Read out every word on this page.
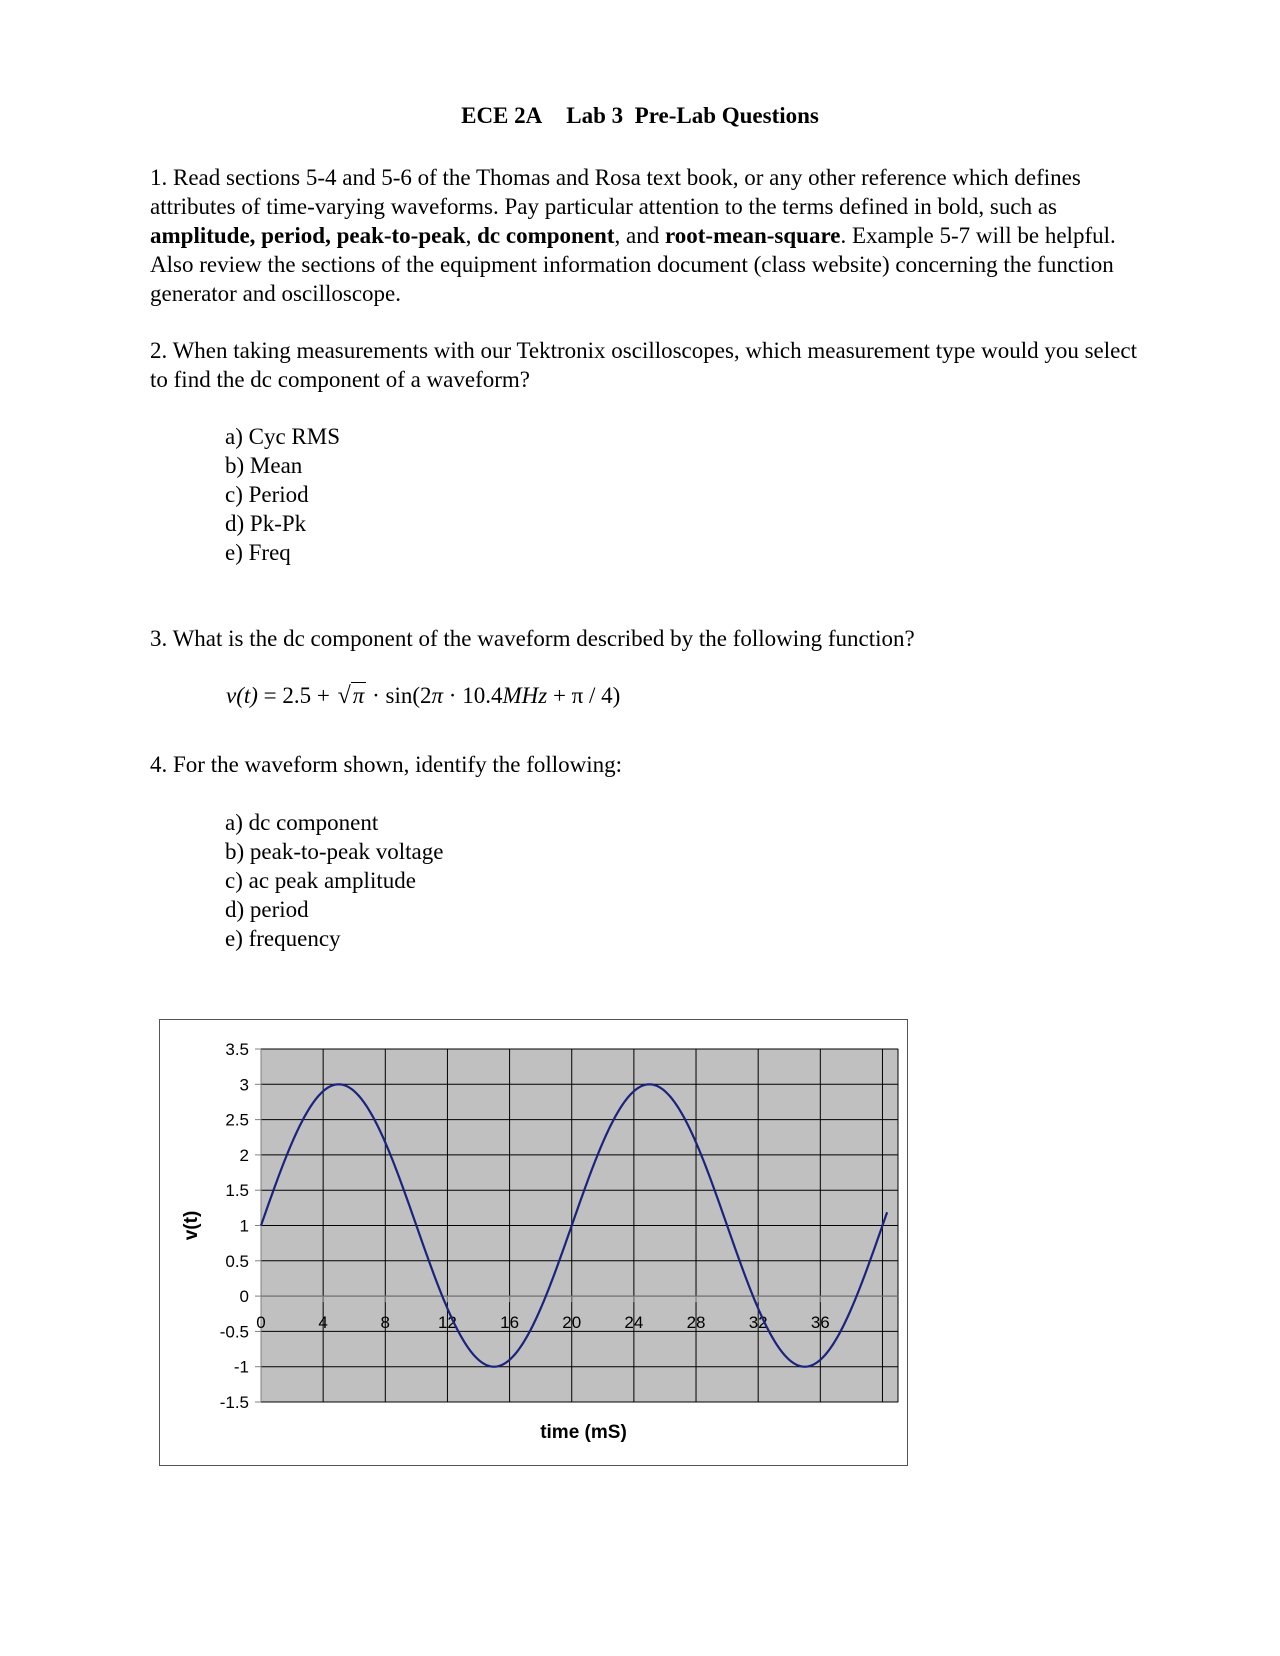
ECE 2A Lab 3  Pre-Lab Questions
1. Read sections 5-4 and 5-6 of the Thomas and Rosa text book, or any other reference which defines attributes of time-varying waveforms. Pay particular attention to the terms defined in bold, such as amplitude, period, peak-to-peak, dc component, and root-mean-square. Example 5-7 will be helpful. Also review the sections of the equipment information document (class website) concerning the function generator and oscilloscope.
2. When taking measurements with our Tektronix oscilloscopes, which measurement type would you select to find the dc component of a waveform?
a) Cyc RMS
b) Mean
c) Period
d) Pk-Pk
e) Freq
3. What is the dc component of the waveform described by the following function?
v(t) = 2.5 + √π · sin(2π · 10.4MHz + π / 4)
4. For the waveform shown, identify the following:
a) dc component
b) peak-to-peak voltage
c) ac peak amplitude
d) period
e) frequency
3.5
3
2.5
2
1.5
1
0.5
0
-0.5
-1
-1.5
0	4	8	12	16	20	24	28	32	36
v(t)
time (mS)
